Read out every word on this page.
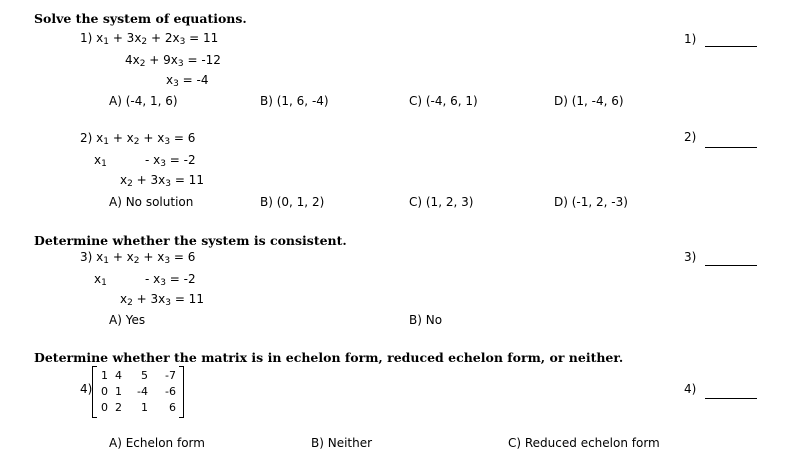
Solve the system of equations.
1) $x_1 + 3x_2 + 2x_3 = 11$
$4x_2 + 9x_3 = -12$
$x_3 = -4$
A) (-4, 1, 6)	B) (1, 6, -4)	C) (-4, 6, 1)	D) (1, -4, 6)
1)
2) $x_1 + x_2 + x_3 = 6$
$x_1$	- $x_3 = -2$
$x_2 + 3x_3 = 11$
A) No solution	B) (0, 1, 2)	C) (1, 2, 3)	D) (-1, 2, -3)
2)
Determine whether the system is consistent.
3) $x_1 + x_2 + x_3 = 6$
$x_1$	- $x_3 = -2$
$x_2 + 3x_3 = 11$
A) Yes	B) No
3)
Determine whether the matrix is in echelon form, reduced echelon form, or neither.
4)
1 4	5	-7
0 1	-4	-6
0 2	1	6
A) Echelon form	B) Neither	C) Reduced echelon form
4)
